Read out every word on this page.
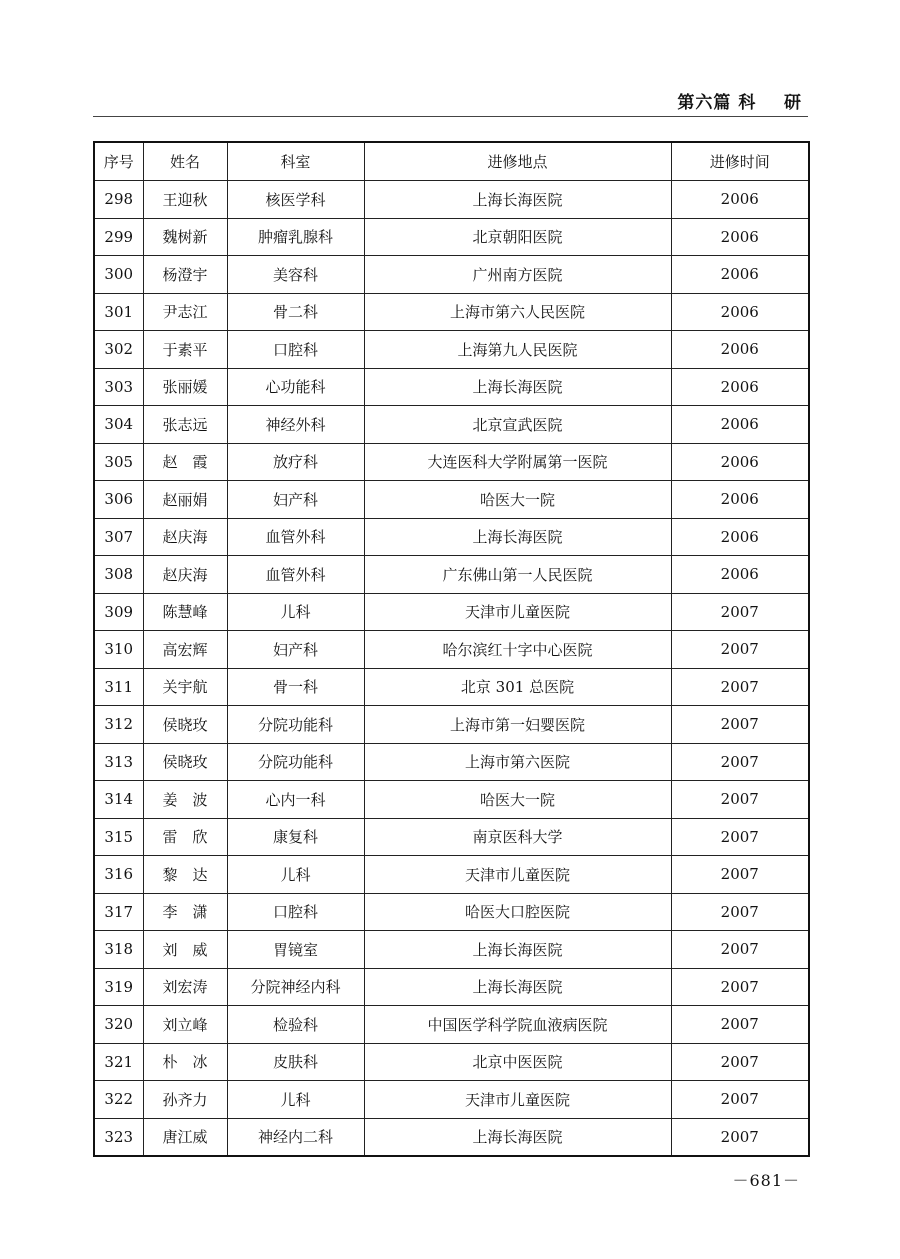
第六篇 科    研
序号	姓名	科室	进修地点	进修时间
298	王迎秋	核医学科	上海长海医院	2006
299	魏树新	肿瘤乳腺科	北京朝阳医院	2006
300	杨澄宇	美容科	广州南方医院	2006
301	尹志江	骨二科	上海市第六人民医院	2006
302	于素平	口腔科	上海第九人民医院	2006
303	张丽媛	心功能科	上海长海医院	2006
304	张志远	神经外科	北京宣武医院	2006
305	赵　霞	放疗科	大连医科大学附属第一医院	2006
306	赵丽娟	妇产科	哈医大一院	2006
307	赵庆海	血管外科	上海长海医院	2006
308	赵庆海	血管外科	广东佛山第一人民医院	2006
309	陈慧峰	儿科	天津市儿童医院	2007
310	高宏辉	妇产科	哈尔滨红十字中心医院	2007
311	关宇航	骨一科	北京 301 总医院	2007
312	侯晓玫	分院功能科	上海市第一妇婴医院	2007
313	侯晓玫	分院功能科	上海市第六医院	2007
314	姜　波	心内一科	哈医大一院	2007
315	雷　欣	康复科	南京医科大学	2007
316	黎　达	儿科	天津市儿童医院	2007
317	李　潇	口腔科	哈医大口腔医院	2007
318	刘　威	胃镜室	上海长海医院	2007
319	刘宏涛	分院神经内科	上海长海医院	2007
320	刘立峰	检验科	中国医学科学院血液病医院	2007
321	朴　冰	皮肤科	北京中医医院	2007
322	孙齐力	儿科	天津市儿童医院	2007
323	唐江威	神经内二科	上海长海医院	2007
－681－
